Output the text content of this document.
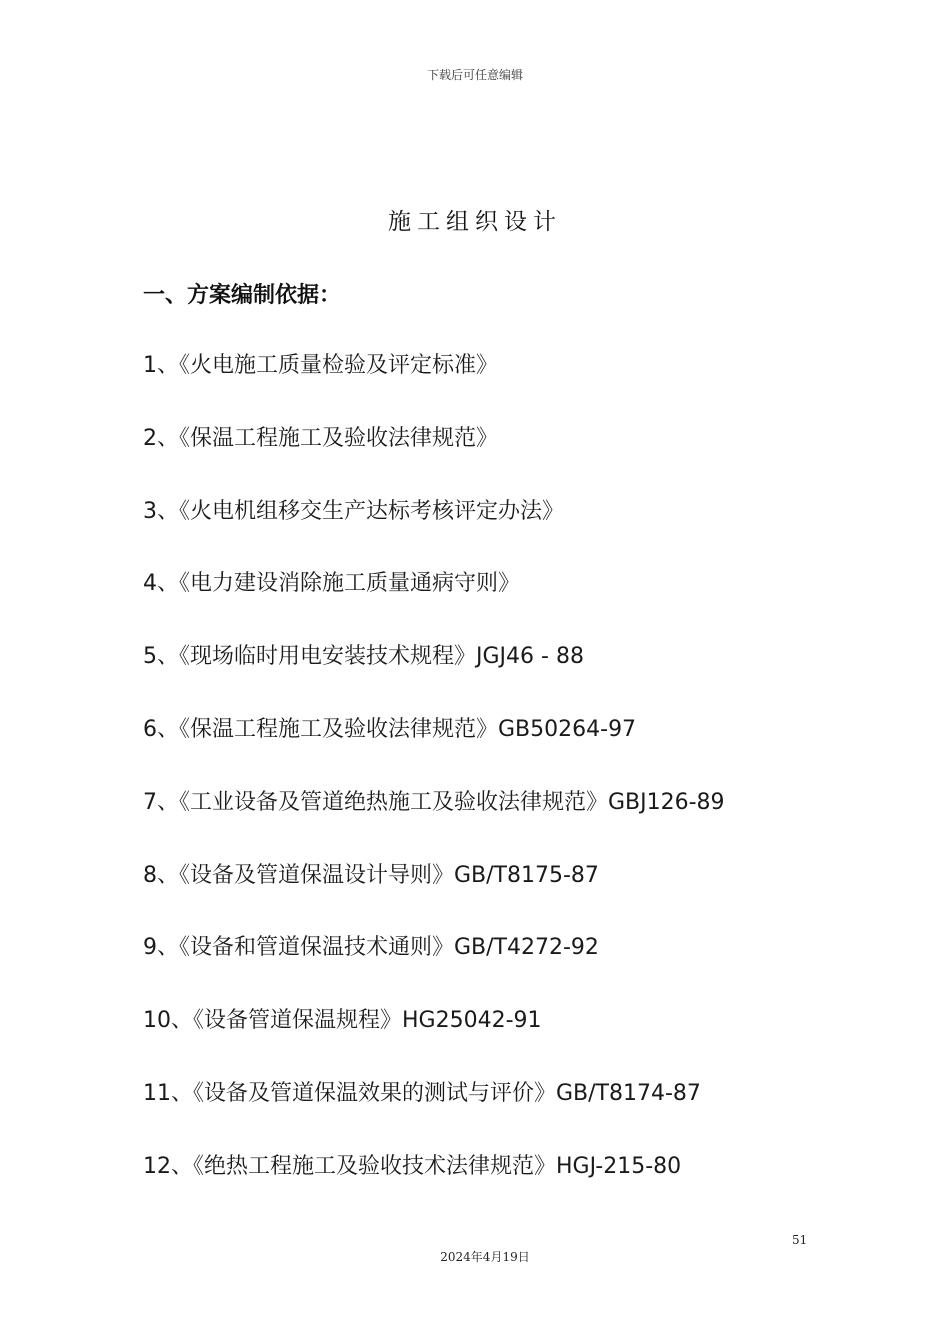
下载后可任意编辑
施工组织设计
一、方案编制依据：
1、《火电施工质量检验及评定标准》
2、《保温工程施工及验收法律规范》
3、《火电机组移交生产达标考核评定办法》
4、《电力建设消除施工质量通病守则》
5、《现场临时用电安装技术规程》JGJ46 - 88
6、《保温工程施工及验收法律规范》GB50264-97
7、《工业设备及管道绝热施工及验收法律规范》GBJ126-89
8、《设备及管道保温设计导则》GB/T8175-87
9、《设备和管道保温技术通则》GB/T4272-92
10、《设备管道保温规程》HG25042-91
11、《设备及管道保温效果的测试与评价》GB/T8174-87
12、《绝热工程施工及验收技术法律规范》HGJ-215-80
51
2024年4月19日
